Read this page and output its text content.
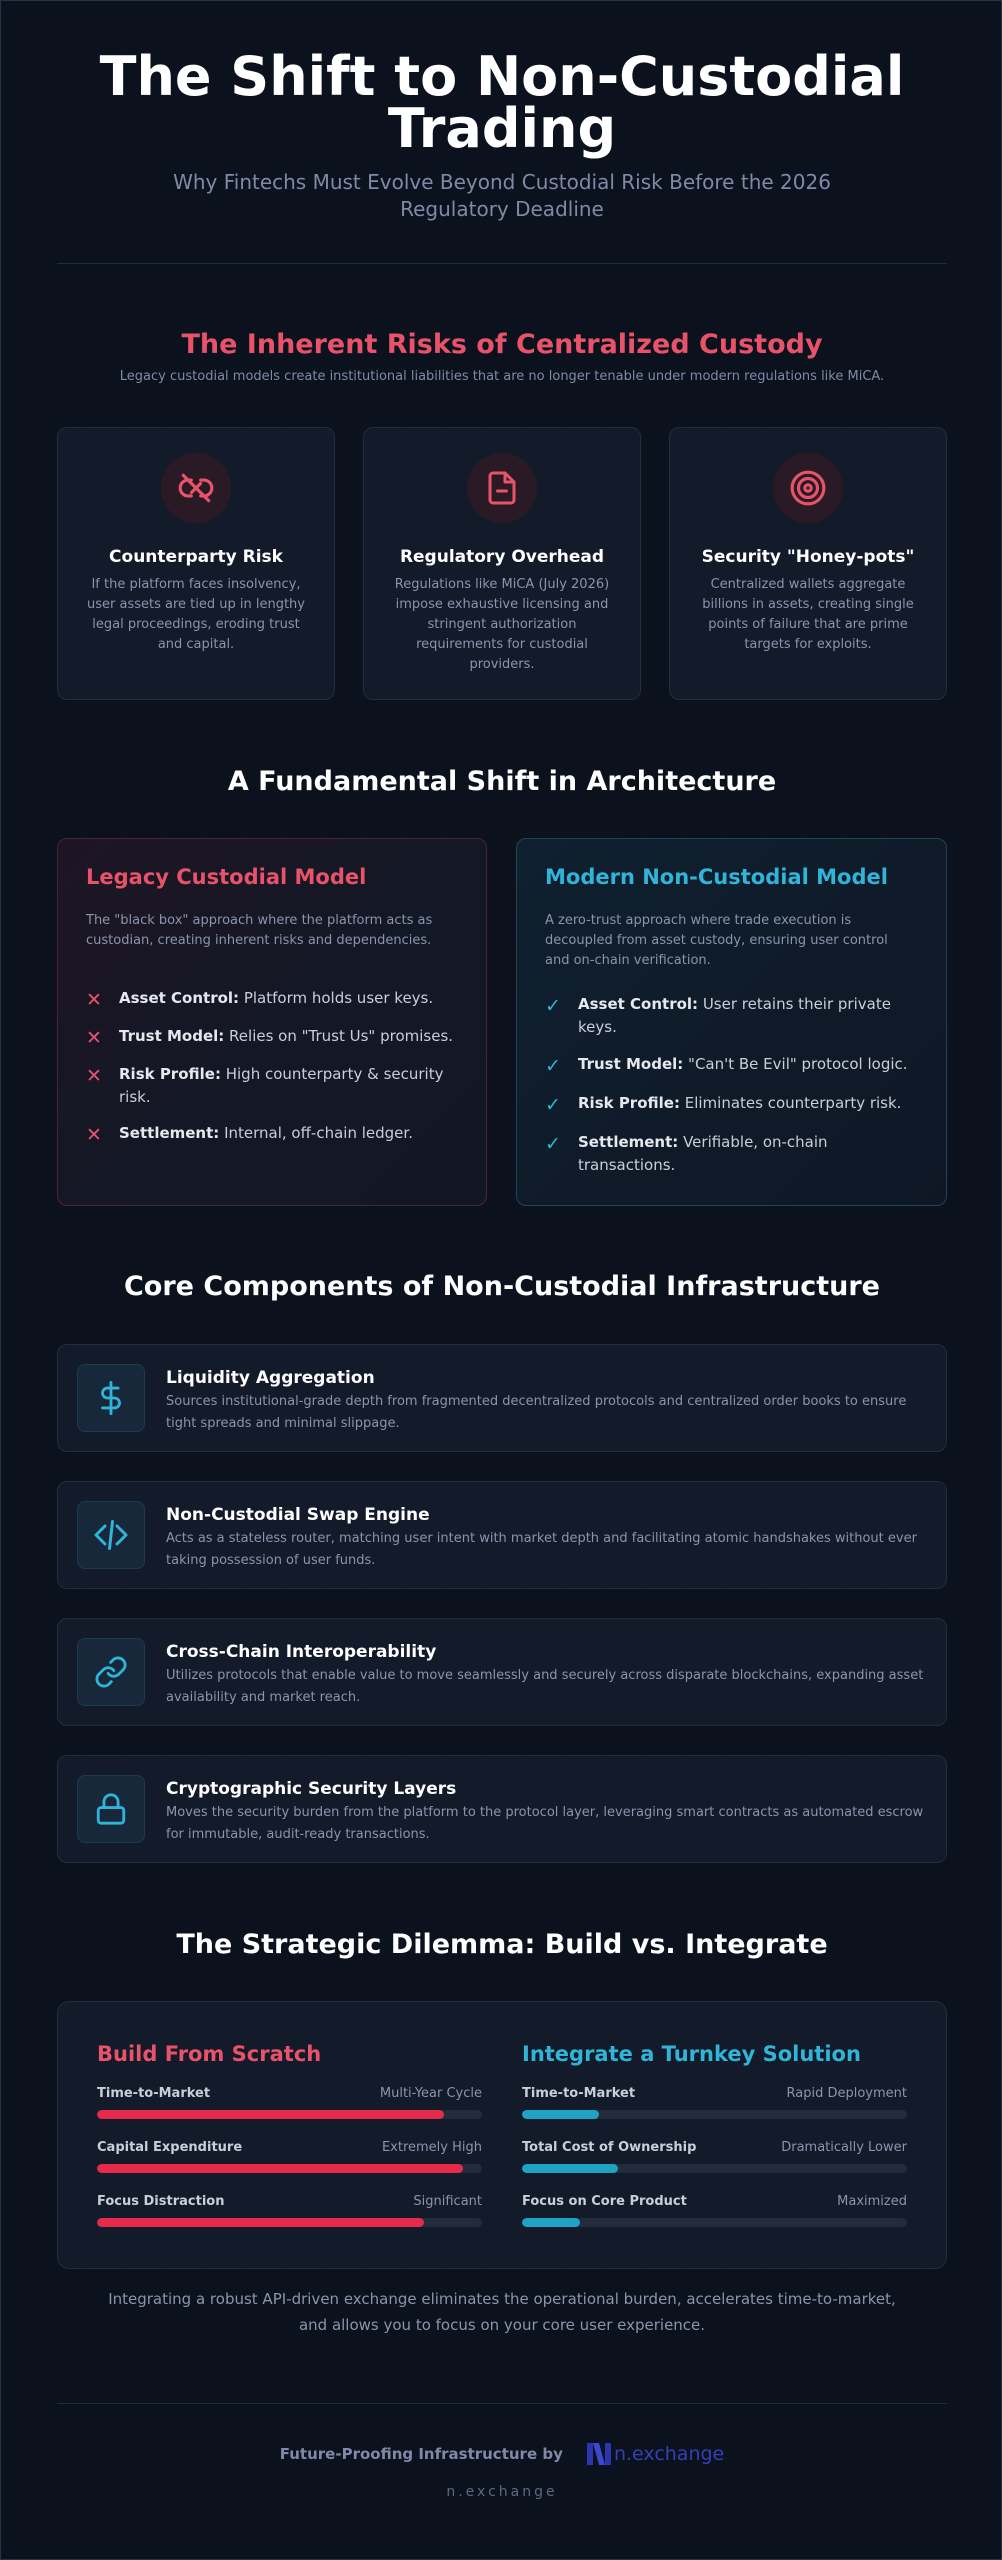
The Shift to Non-Custodial Trading

Why Fintechs Must Evolve Beyond Custodial Risk Before the 2026 Regulatory Deadline

The Inherent Risks of Centralized Custody

Legacy custodial models create institutional liabilities that are no longer tenable under modern regulations like MiCA.

Counterparty Risk

If the platform faces insolvency, user assets are tied up in lengthy legal proceedings, eroding trust and capital.

Regulatory Overhead

Regulations like MiCA (July 2026) impose exhaustive licensing and stringent authorization requirements for custodial providers.

Security "Honey-pots"

Centralized wallets aggregate billions in assets, creating single points of failure that are prime targets for exploits.

A Fundamental Shift in Architecture
Legacy Custodial Model

The "black box" approach where the platform acts as custodian, creating inherent risks and dependencies.

✕	Asset Control: Platform holds user keys.
✕	Trust Model: Relies on "Trust Us" promises.
✕	Risk Profile: High counterparty & security risk.
✕	Settlement: Internal, off-chain ledger.
Modern Non-Custodial Model

A zero-trust approach where trade execution is decoupled from asset custody, ensuring user control and on-chain verification.

✓	Asset Control: User retains their private keys.
✓	Trust Model: "Can't Be Evil" protocol logic.
✓	Risk Profile: Eliminates counterparty risk.
✓	Settlement: Verifiable, on-chain transactions.
Core Components of Non-Custodial Infrastructure
Liquidity Aggregation

Sources institutional-grade depth from fragmented decentralized protocols and centralized order books to ensure tight spreads and minimal slippage.

Non-Custodial Swap Engine

Acts as a stateless router, matching user intent with market depth and facilitating atomic handshakes without ever taking possession of user funds.

Cross-Chain Interoperability

Utilizes protocols that enable value to move seamlessly and securely across disparate blockchains, expanding asset availability and market reach.

Cryptographic Security Layers

Moves the security burden from the platform to the protocol layer, leveraging smart contracts as automated escrow for immutable, audit-ready transactions.

The Strategic Dilemma: Build vs. Integrate
Build From Scratch
Time-to-Market	Multi-Year Cycle
Capital Expenditure	Extremely High
Focus Distraction	Significant
Integrate a Turnkey Solution
Time-to-Market	Rapid Deployment
Total Cost of Ownership	Dramatically Lower
Focus on Core Product	Maximized

Integrating a robust API-driven exchange eliminates the operational burden, accelerates time-to-market, and allows you to focus on your core user experience.

Future-Proofing Infrastructure by	n.exchange
n.exchange
